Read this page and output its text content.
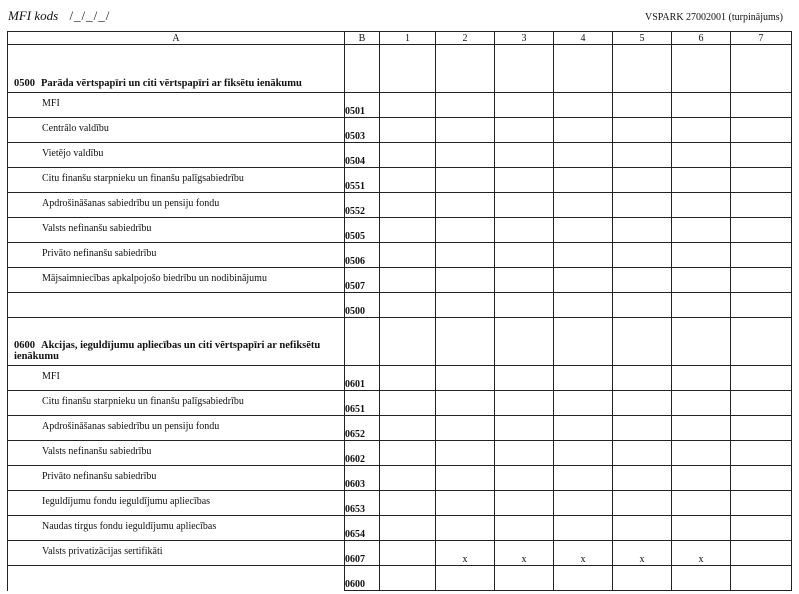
MFI kods /_/_/_/	VSPARK 27002001 (turpinājums)
A	B	1	2	3	4	5	6	7
0500 Parāda vērtspapīri un citi vērtspapīri ar fiksētu ienākumu								
MFI	0501							
Centrālo valdību	0503							
Vietējo valdību	0504							
Citu finanšu starpnieku un finanšu palīgsabiedrību	0551							
Apdrošināšanas sabiedrību un pensiju fondu	0552							
Valsts nefinanšu sabiedrību	0505							
Privāto nefinanšu sabiedrību	0506							
Mājsaimniecības apkalpojošo biedrību un nodibinājumu	0507							
	0500							
0600 Akcijas, ieguldījumu apliecības un citi vērtspapīri ar nefiksētu ienākumu								
MFI	0601							
Citu finanšu starpnieku un finanšu palīgsabiedrību	0651							
Apdrošināšanas sabiedrību un pensiju fondu	0652							
Valsts nefinanšu sabiedrību	0602							
Privāto nefinanšu sabiedrību	0603							
Ieguldījumu fondu ieguldījumu apliecības	0653							
Naudas tirgus fondu ieguldījumu apliecības	0654							
Valsts privatizācijas sertifikāti	0607		x	x	x	x	x	
	0600							
